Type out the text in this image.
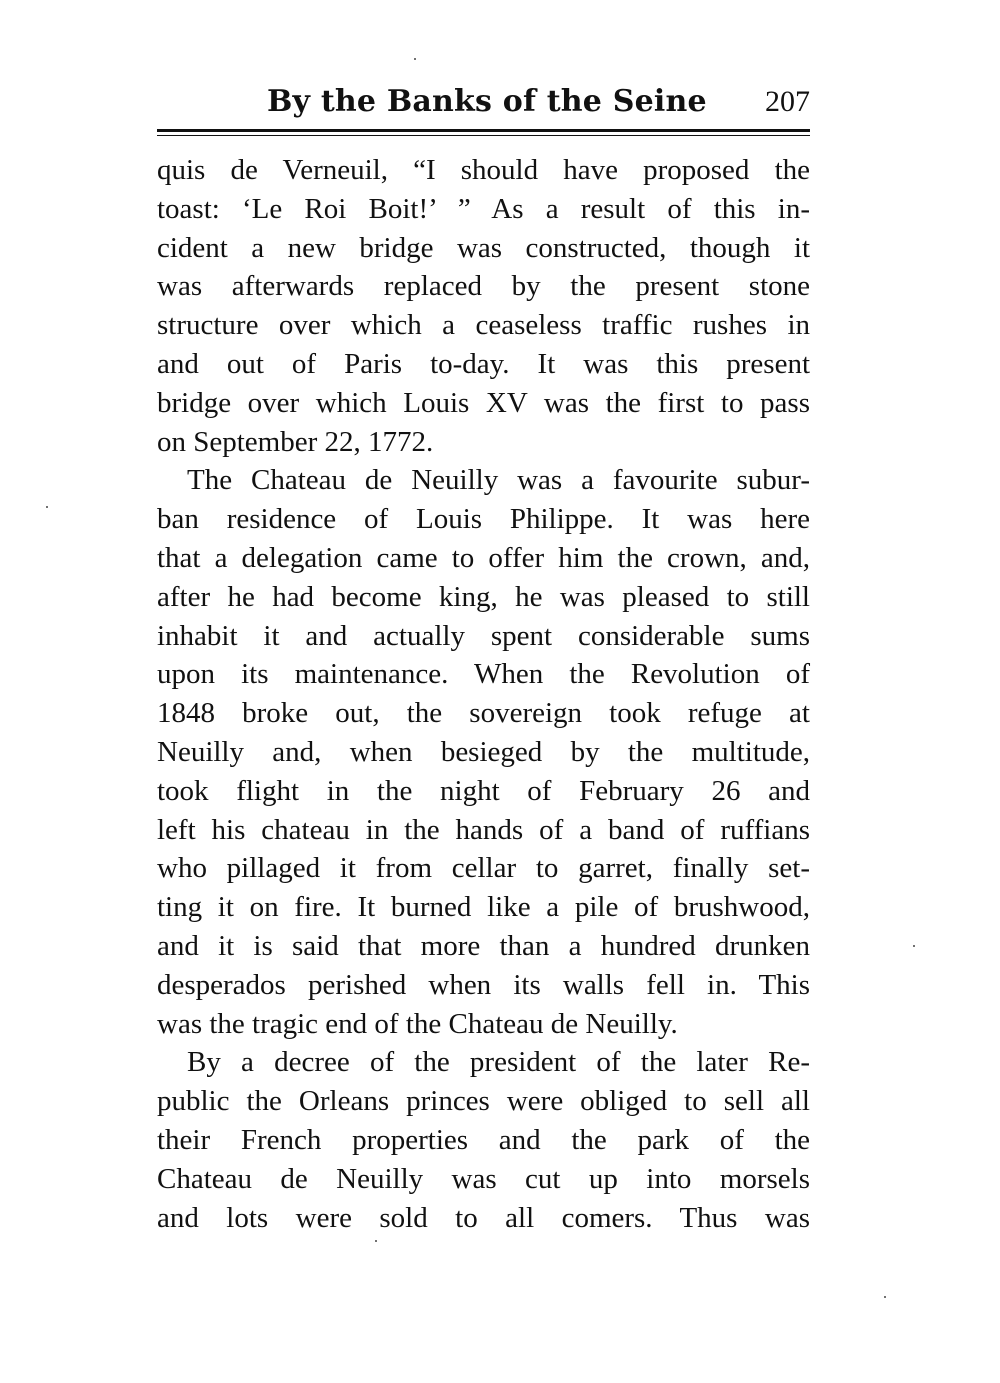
By the Banks of the Seine 207
quis de Verneuil, “I should have proposed the
toast: ‘Le Roi Boit!’ ” As a result of this in-
cident a new bridge was constructed, though it
was afterwards replaced by the present stone
structure over which a ceaseless traffic rushes in
and out of Paris to-day. It was this present
bridge over which Louis XV was the first to pass
on September 22, 1772.
The Chateau de Neuilly was a favourite subur-
ban residence of Louis Philippe. It was here
that a delegation came to offer him the crown, and,
after he had become king, he was pleased to still
inhabit it and actually spent considerable sums
upon its maintenance. When the Revolution of
1848 broke out, the sovereign took refuge at
Neuilly and, when besieged by the multitude,
took flight in the night of February 26 and
left his chateau in the hands of a band of ruffians
who pillaged it from cellar to garret, finally set-
ting it on fire. It burned like a pile of brushwood,
and it is said that more than a hundred drunken
desperados perished when its walls fell in. This
was the tragic end of the Chateau de Neuilly.
By a decree of the president of the later Re-
public the Orleans princes were obliged to sell all
their French properties and the park of the
Chateau de Neuilly was cut up into morsels
and lots were sold to all comers. Thus was
